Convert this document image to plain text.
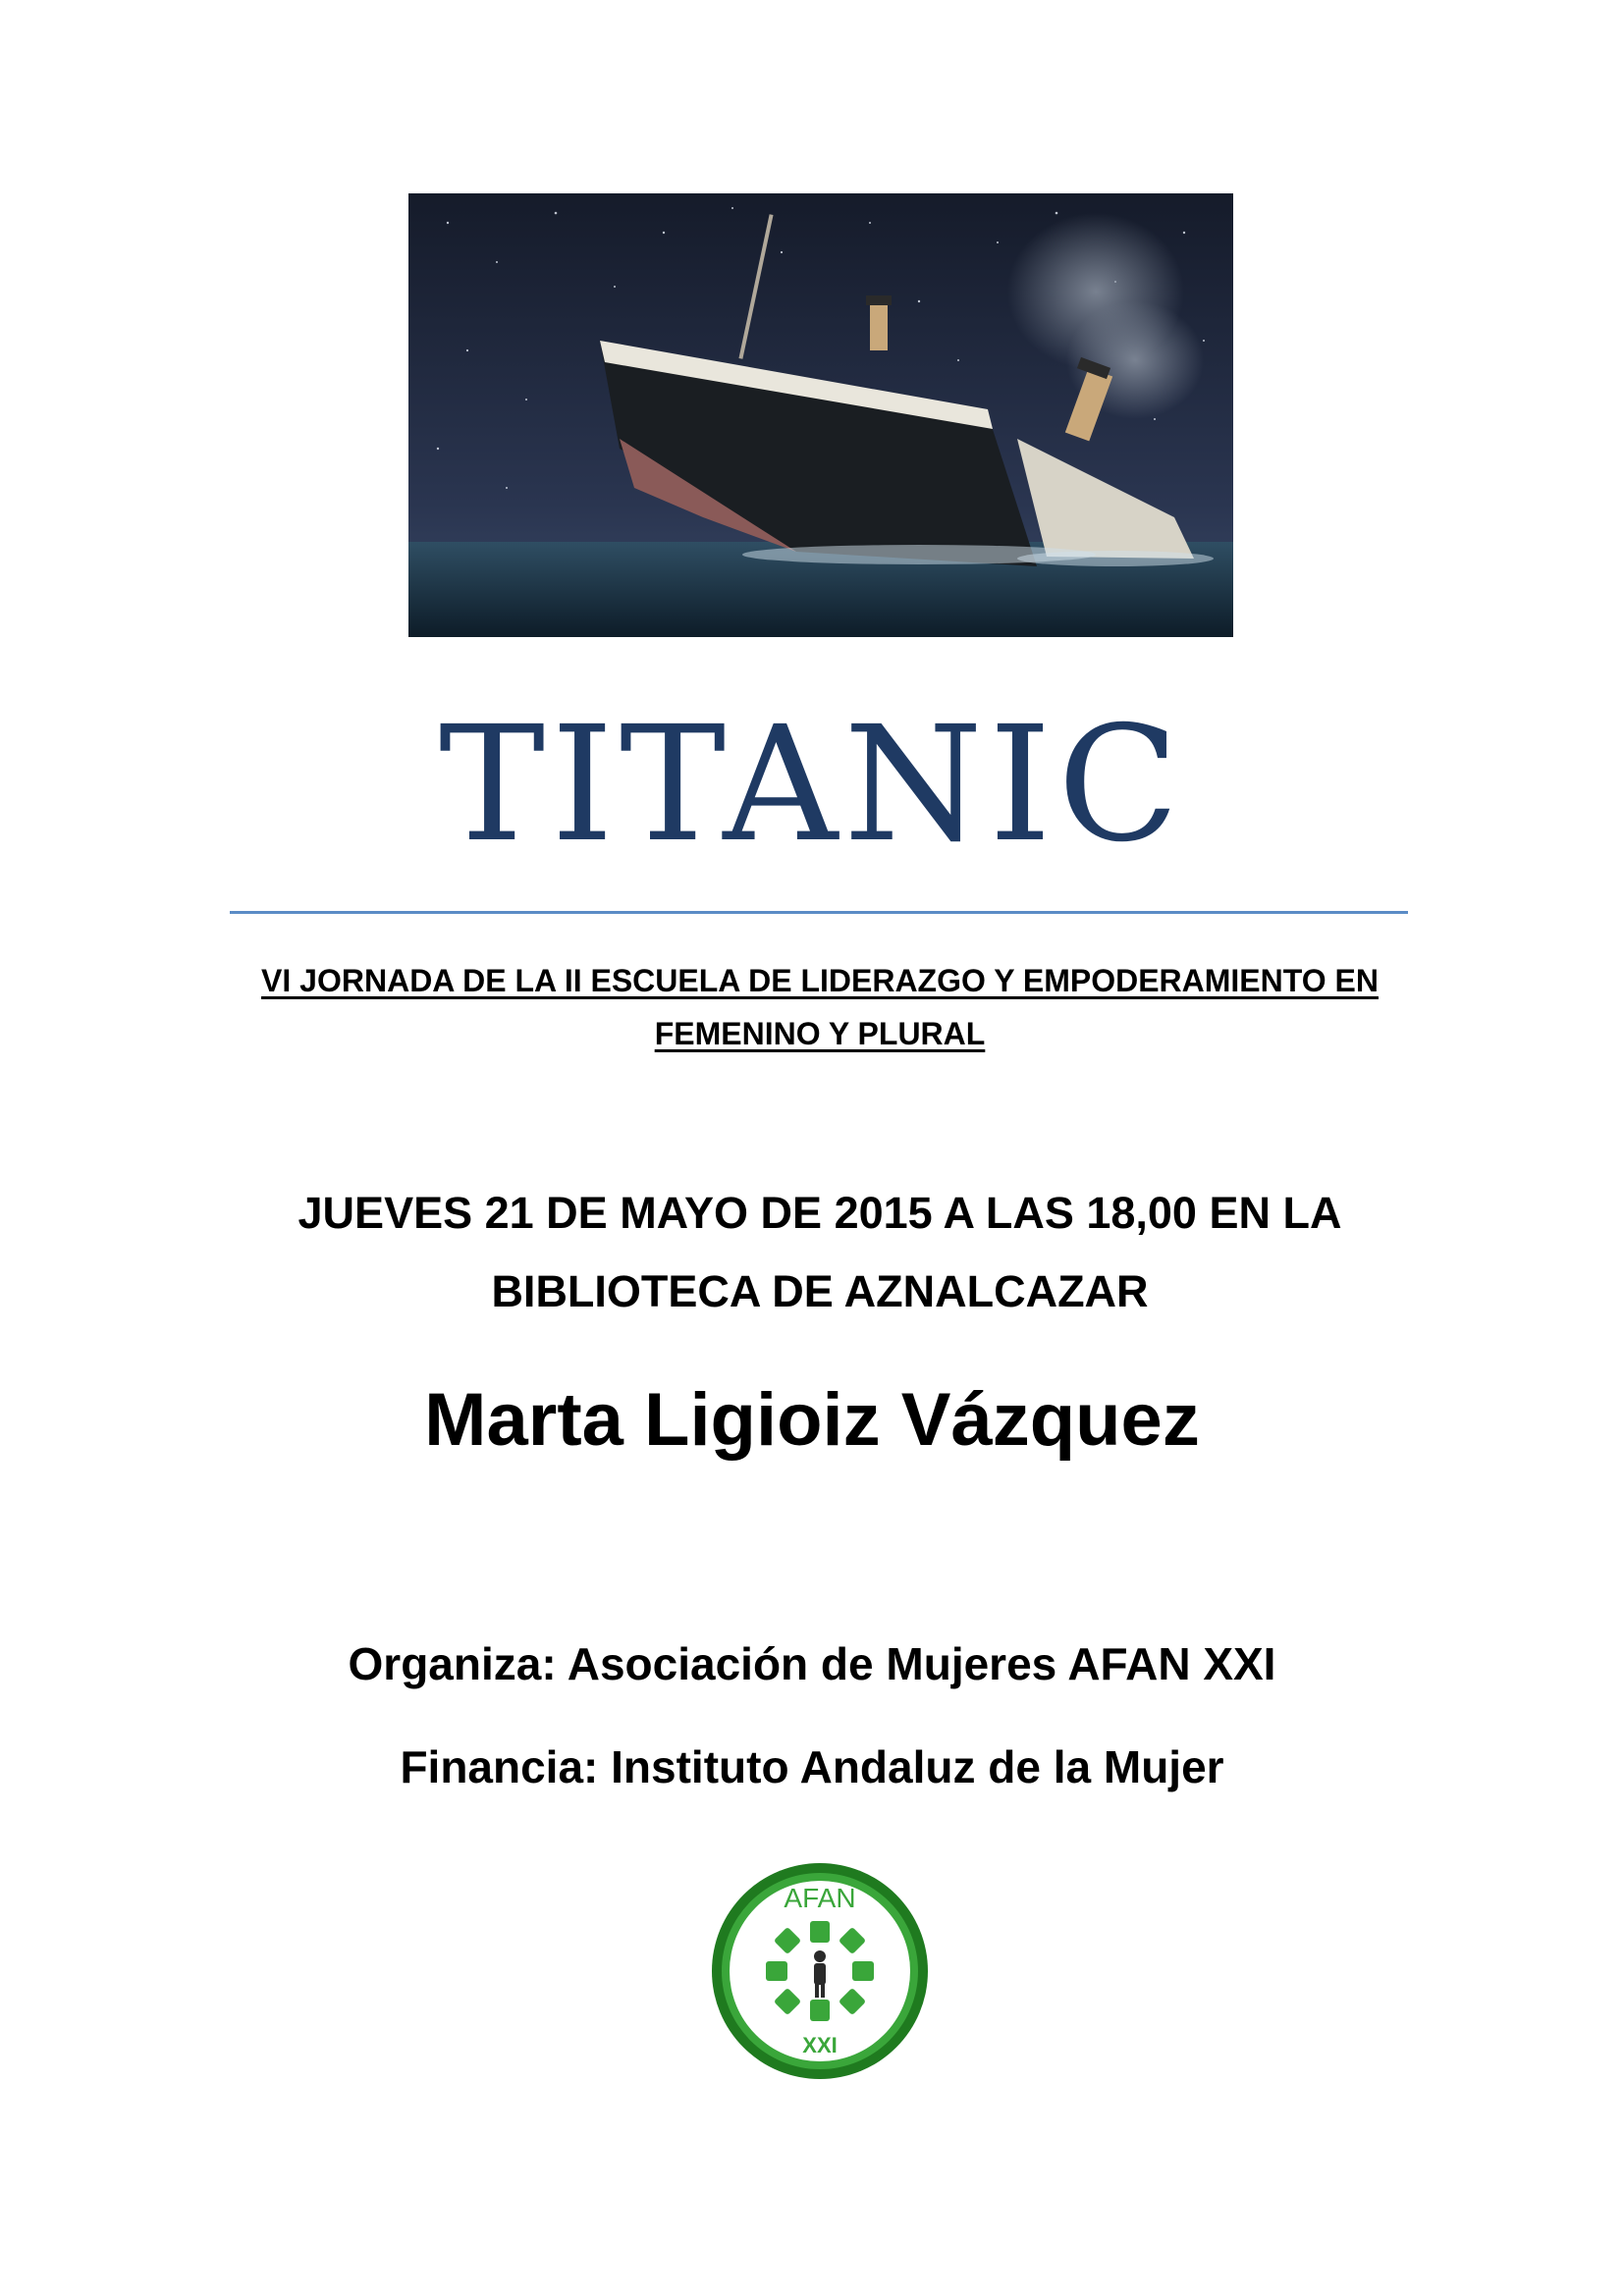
TITANIC
VI JORNADA DE LA II ESCUELA DE LIDERAZGO Y EMPODERAMIENTO EN
FEMENINO Y PLURAL
JUEVES 21 DE MAYO DE 2015 A LAS 18,00 EN LA
BIBLIOTECA DE AZNALCAZAR
Marta Ligioiz Vázquez
Organiza: Asociación de Mujeres AFAN XXI
Financia: Instituto Andaluz de la Mujer
AFAN
XXI
